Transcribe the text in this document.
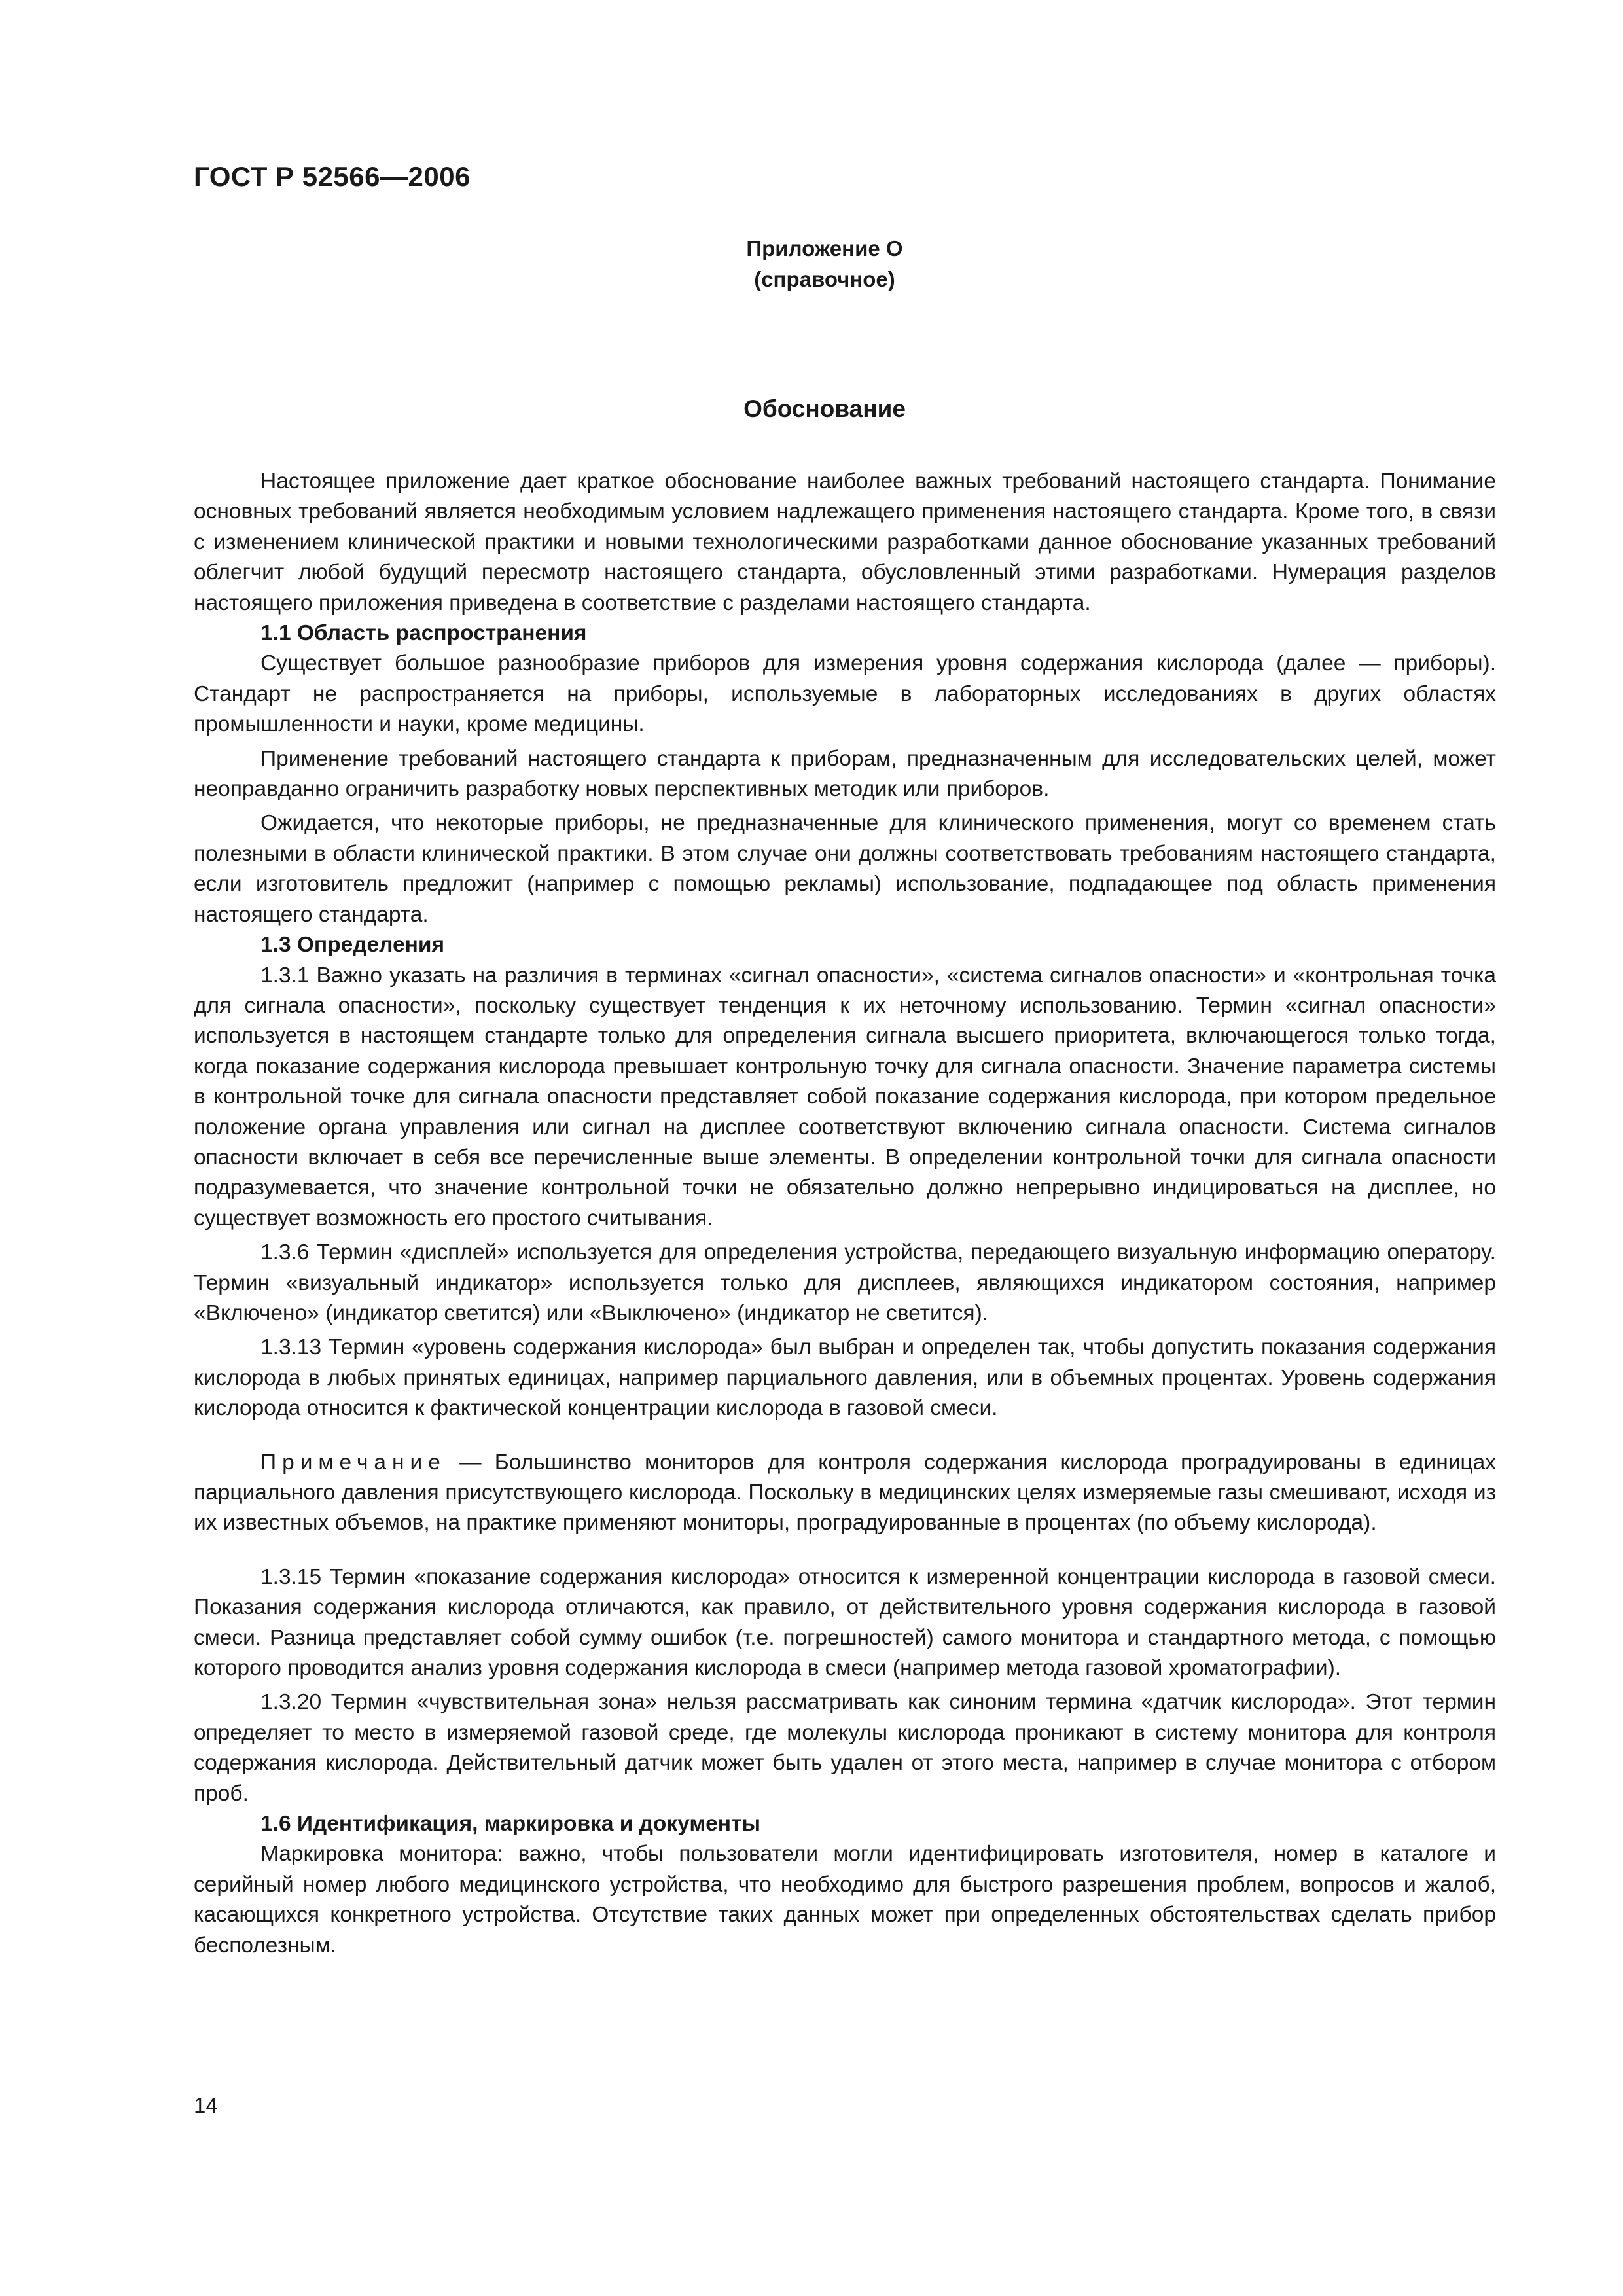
ГОСТ Р 52566—2006
Приложение О
(справочное)
Обоснование

Настоящее приложение дает краткое обоснование наиболее важных требований настоящего стандарта. Понимание основных требований является необходимым условием надлежащего применения настоящего стандарта. Кроме того, в связи с изменением клинической практики и новыми технологическими разработками данное обоснование указанных требований облегчит любой будущий пересмотр настоящего стандарта, обусловленный этими разработками. Нумерация разделов настоящего приложения приведена в соответствие с разделами настоящего стандарта.

1.1 Область распространения

Существует большое разнообразие приборов для измерения уровня содержания кислорода (далее — приборы). Стандарт не распространяется на приборы, используемые в лабораторных исследованиях в других областях промышленности и науки, кроме медицины.

Применение требований настоящего стандарта к приборам, предназначенным для исследовательских целей, может неоправданно ограничить разработку новых перспективных методик или приборов.

Ожидается, что некоторые приборы, не предназначенные для клинического применения, могут со временем стать полезными в области клинической практики. В этом случае они должны соответствовать требованиям настоящего стандарта, если изготовитель предложит (например с помощью рекламы) использование, подпадающее под область применения настоящего стандарта.

1.3 Определения

1.3.1 Важно указать на различия в терминах «сигнал опасности», «система сигналов опасности» и «контрольная точка для сигнала опасности», поскольку существует тенденция к их неточному использованию. Термин «сигнал опасности» используется в настоящем стандарте только для определения сигнала высшего приоритета, включающегося только тогда, когда показание содержания кислорода превышает контрольную точку для сигнала опасности. Значение параметра системы в контрольной точке для сигнала опасности представляет собой показание содержания кислорода, при котором предельное положение органа управления или сигнал на дисплее соответствуют включению сигнала опасности. Система сигналов опасности включает в себя все перечисленные выше элементы. В определении контрольной точки для сигнала опасности подразумевается, что значение контрольной точки не обязательно должно непрерывно индицироваться на дисплее, но существует возможность его простого считывания.

1.3.6 Термин «дисплей» используется для определения устройства, передающего визуальную информацию оператору. Термин «визуальный индикатор» используется только для дисплеев, являющихся индикатором состояния, например «Включено» (индикатор светится) или «Выключено» (индикатор не светится).

1.3.13 Термин «уровень содержания кислорода» был выбран и определен так, чтобы допустить показания содержания кислорода в любых принятых единицах, например парциального давления, или в объемных процентах. Уровень содержания кислорода относится к фактической концентрации кислорода в газовой смеси.

Примечание — Большинство мониторов для контроля содержания кислорода проградуированы в единицах парциального давления присутствующего кислорода. Поскольку в медицинских целях измеряемые газы смешивают, исходя из их известных объемов, на практике применяют мониторы, проградуированные в процентах (по объему кислорода).

1.3.15 Термин «показание содержания кислорода» относится к измеренной концентрации кислорода в газовой смеси. Показания содержания кислорода отличаются, как правило, от действительного уровня содержания кислорода в газовой смеси. Разница представляет собой сумму ошибок (т.е. погрешностей) самого монитора и стандартного метода, с помощью которого проводится анализ уровня содержания кислорода в смеси (например метода газовой хроматографии).

1.3.20 Термин «чувствительная зона» нельзя рассматривать как синоним термина «датчик кислорода». Этот термин определяет то место в измеряемой газовой среде, где молекулы кислорода проникают в систему монитора для контроля содержания кислорода. Действительный датчик может быть удален от этого места, например в случае монитора с отбором проб.

1.6 Идентификация, маркировка и документы

Маркировка монитора: важно, чтобы пользователи могли идентифицировать изготовителя, номер в каталоге и серийный номер любого медицинского устройства, что необходимо для быстрого разрешения проблем, вопросов и жалоб, касающихся конкретного устройства. Отсутствие таких данных может при определенных обстоятельствах сделать прибор бесполезным.

14
